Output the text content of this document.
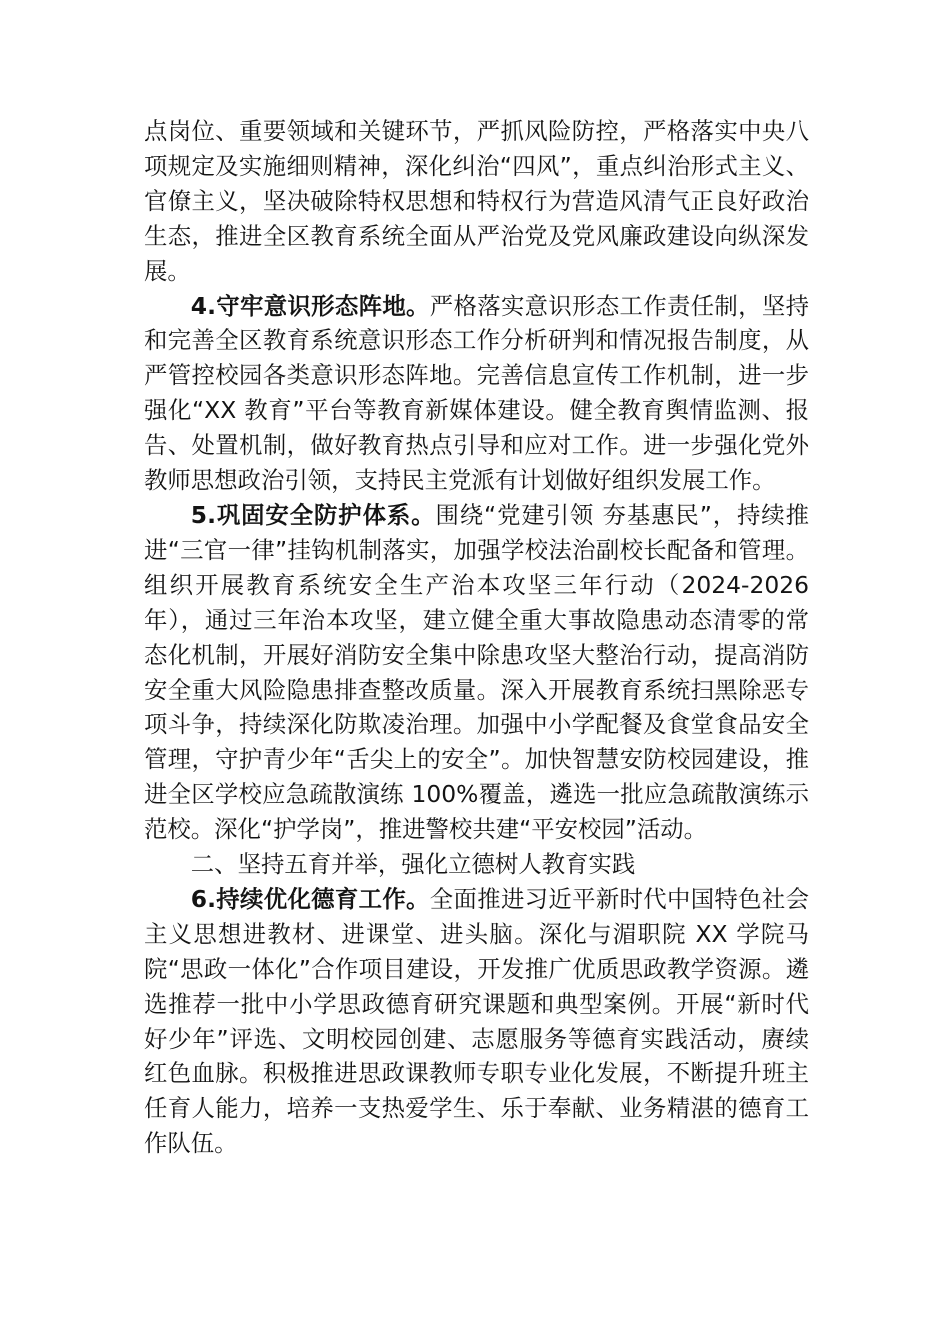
点岗位、重要领域和关键环节，严抓风险防控，严格落实中央八项规定及实施细则精神，深化纠治“四风”，重点纠治形式主义、官僚主义，坚决破除特权思想和特权行为营造风清气正良好政治生态，推进全区教育系统全面从严治党及党风廉政建设向纵深发展。

4.守牢意识形态阵地。严格落实意识形态工作责任制，坚持和完善全区教育系统意识形态工作分析研判和情况报告制度，从严管控校园各类意识形态阵地。完善信息宣传工作机制，进一步强化“XX 教育”平台等教育新媒体建设。健全教育舆情监测、报告、处置机制，做好教育热点引导和应对工作。进一步强化党外教师思想政治引领，支持民主党派有计划做好组织发展工作。

5.巩固安全防护体系。围绕“党建引领 夯基惠民”，持续推进“三官一律”挂钩机制落实，加强学校法治副校长配备和管理。组织开展教育系统安全生产治本攻坚三年行动（2024-2026 年），通过三年治本攻坚，建立健全重大事故隐患动态清零的常态化机制，开展好消防安全集中除患攻坚大整治行动，提高消防安全重大风险隐患排查整改质量。深入开展教育系统扫黑除恶专项斗争，持续深化防欺凌治理。加强中小学配餐及食堂食品安全管理，守护青少年“舌尖上的安全”。加快智慧安防校园建设，推进全区学校应急疏散演练 100%覆盖，遴选一批应急疏散演练示范校。深化“护学岗”，推进警校共建“平安校园”活动。

二、坚持五育并举，强化立德树人教育实践

6.持续优化德育工作。全面推进习近平新时代中国特色社会主义思想进教材、进课堂、进头脑。深化与湄职院 XX 学院马院“思政一体化”合作项目建设，开发推广优质思政教学资源。遴选推荐一批中小学思政德育研究课题和典型案例。开展“新时代好少年”评选、文明校园创建、志愿服务等德育实践活动，赓续红色血脉。积极推进思政课教师专职专业化发展，不断提升班主任育人能力，培养一支热爱学生、乐于奉献、业务精湛的德育工作队伍。
